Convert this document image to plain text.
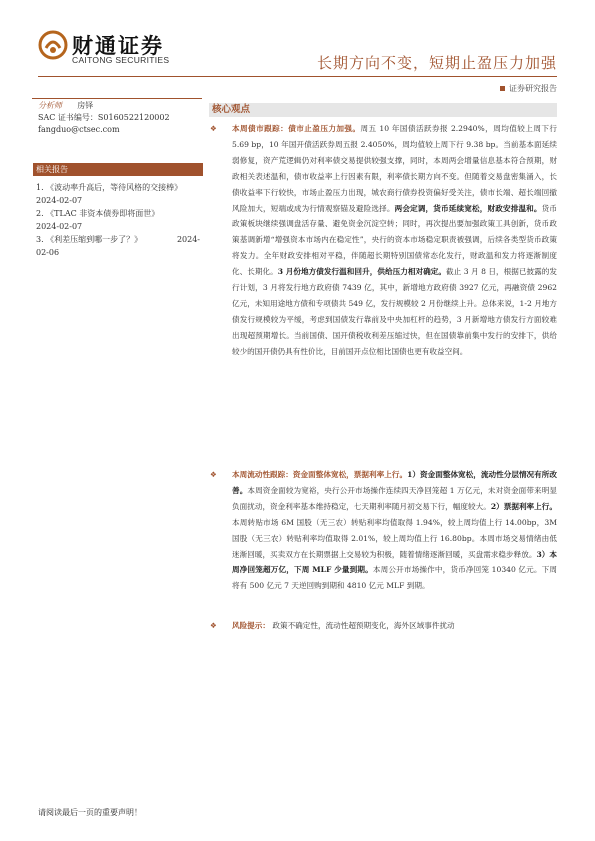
财通证券
CAITONG SECURITIES	长期方向不变，短期止盈压力加强
证券研究报告
分析师 房铎
SAC 证书编号：S0160522120002
fangduo@ctsec.com
相关报告
1. 《波动率升高后，等待风格的交接棒》
2024-02-07
2. 《TLAC 非资本债券即将面世》
2024-02-07
3. 《利差压缩到哪一步了？》	2024-
02-06
核心观点
❖	本周债市跟踪：债市止盈压力加强。周五 10 年国债活跃券报 2.2940%，周均值较上周下行 5.69 bp，10 年国开债活跃券周五报 2.4050%，周均值较上周下行 9.38 bp。当前基本面延续弱修复，资产荒逻辑仍对利率债交易提供较强支撑，同时，本周两会增量信息基本符合预期，财政相关表述温和，债市收益率上行因素有限，利率债长期方向不变。但随着交易盘密集涌入，长债收益率下行较快，市场止盈压力出现，城农商行债券投资偏好受关注，债市长端、超长端回撤风险加大，短端或成为行情观察锚及避险选择。两会定调，货币延续宽松，财政安排温和。货币政策板块继续强调盘活存量、避免资金沉淀空转；同时，再次提出要加强政策工具创新，货币政策基调新增“增强资本市场内在稳定性”，央行的资本市场稳定职责被强调，后续各类型货币政策将发力。全年财政安排相对平稳，伴随超长期特别国债常态化发行，财政温和发力将逐渐制度化、长期化。3 月份地方债发行温和回升，供给压力相对确定。截止 3 月 8 日，根据已披露的发行计划，3 月将发行地方政府债 7439 亿，其中，新增地方政府债 3927 亿元，再融资债 2962 亿元，未知用途地方债和专项债共 549 亿，发行规模较 2 月份继续上升。总体来说，1-2 月地方债发行规模较为平缓，考虑到国债发行靠前及中央加杠杆的趋势，3 月新增地方债发行方面较难出现超预期增长。当前国债、国开债税收利差压缩过快，但在国债靠前集中发行的安排下，供给较少的国开债仍具有性价比，目前国开点位相比国债也更有收益空间。

❖	本周流动性跟踪：资金面整体宽松，票据利率上行。1）资金面整体宽松，流动性分层情况有所改善。本周资金面较为宽裕，央行公开市场操作连续四天净回笼超 1 万亿元，未对资金面带来明显负面扰动，资金利率基本维持稳定，七天期利率随月初交易下行，幅度较大。2）票据利率上行。本周转贴市场 6M 国股（无三农）转贴利率均值取得 1.94%，较上周均值上行 14.00bp，3M 国股（无三农）转贴利率均值取得 2.01%，较上周均值上行 16.80bp。本周市场交易情绪由低迷渐回暖，买卖双方在长期票据上交易较为积极，随着情绪逐渐回暖，买盘需求稳步释放。3）本周净回笼超万亿，下周 MLF 少量到期。本周公开市场操作中，货币净回笼 10340 亿元。下周将有 500 亿元 7 天逆回购到期和 4810 亿元 MLF 到期。

❖	风险提示： 政策不确定性，流动性超预期变化，海外区域事件扰动

请阅读最后一页的重要声明！
